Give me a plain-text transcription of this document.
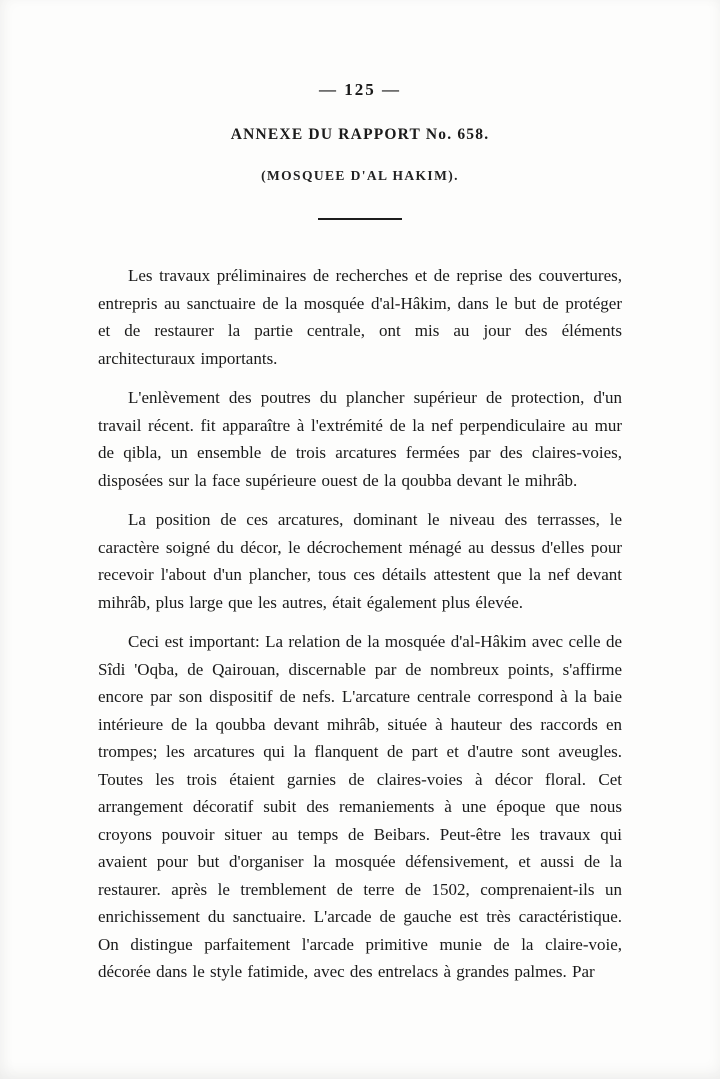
— 125 —
ANNEXE DU RAPPORT No. 658.
(MOSQUEE D'AL HAKIM).

Les travaux préliminaires de recherches et de reprise des couvertures, entrepris au sanctuaire de la mosquée d'al-Hâkim, dans le but de protéger et de restaurer la partie centrale, ont mis au jour des éléments architecturaux importants.

L'enlèvement des poutres du plancher supérieur de protection, d'un travail récent. fit apparaître à l'extrémité de la nef perpendiculaire au mur de qibla, un ensemble de trois arcatures fermées par des claires-voies, disposées sur la face supérieure ouest de la qoubba devant le mihrâb.

La position de ces arcatures, dominant le niveau des terrasses, le caractère soigné du décor, le décrochement ménagé au dessus d'elles pour recevoir l'about d'un plancher, tous ces détails attestent que la nef devant mihrâb, plus large que les autres, était également plus élevée.

Ceci est important: La relation de la mosquée d'al-Hâkim avec celle de Sîdi 'Oqba, de Qairouan, discernable par de nombreux points, s'affirme encore par son dispositif de nefs. L'arcature centrale correspond à la baie intérieure de la qoubba devant mihrâb, située à hauteur des raccords en trompes; les arcatures qui la flanquent de part et d'autre sont aveugles. Toutes les trois étaient garnies de claires-voies à décor floral. Cet arrangement décoratif subit des remaniements à une époque que nous croyons pouvoir situer au temps de Beibars. Peut-être les travaux qui avaient pour but d'organiser la mosquée défensivement, et aussi de la restaurer. après le tremblement de terre de 1502, comprenaient-ils un enrichissement du sanctuaire. L'arcade de gauche est très caractéristique. On distingue parfaitement l'arcade primitive munie de la claire-voie, décorée dans le style fatimide, avec des entrelacs à grandes palmes. Par
